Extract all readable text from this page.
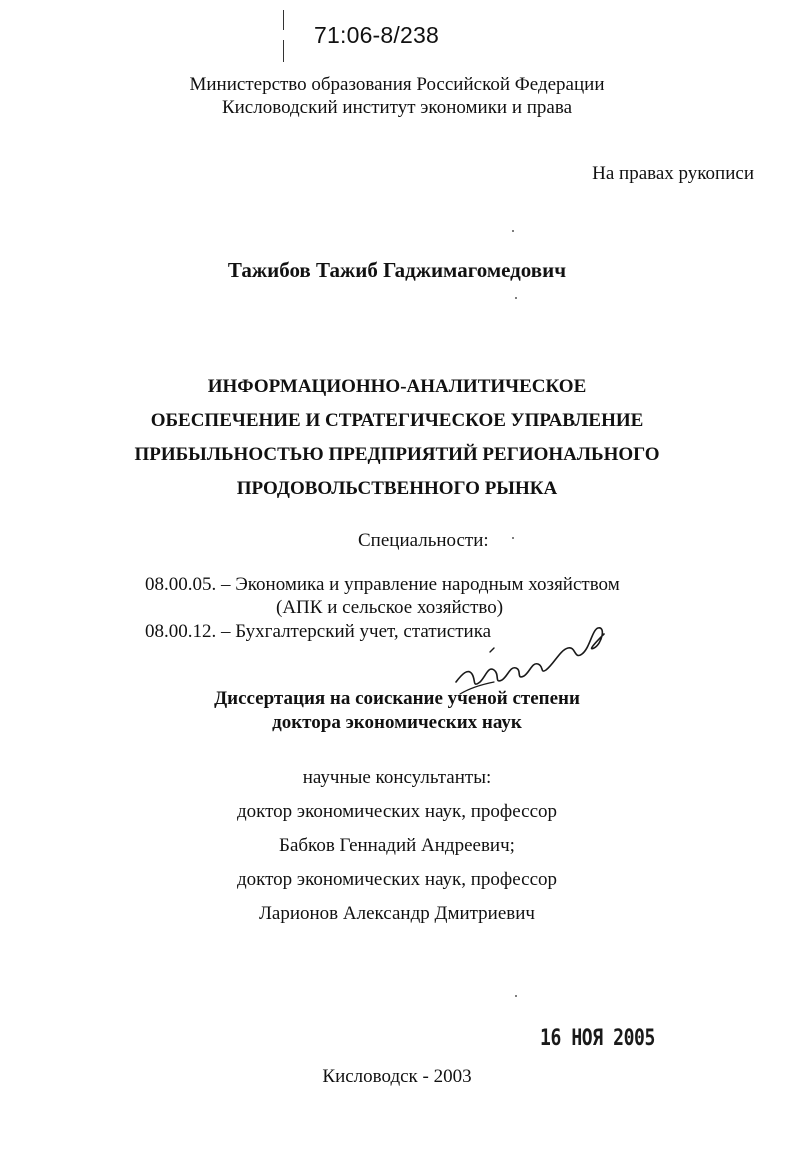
71:06-8/238
Министерство образования Российской Федерации
Кисловодский институт экономики и права
На правах рукописи
Тажибов Тажиб Гаджимагомедович
ИНФОРМАЦИОННО-АНАЛИТИЧЕСКОЕ
ОБЕСПЕЧЕНИЕ И СТРАТЕГИЧЕСКОЕ УПРАВЛЕНИЕ
ПРИБЫЛЬНОСТЬЮ ПРЕДПРИЯТИЙ РЕГИОНАЛЬНОГО
ПРОДОВОЛЬСТВЕННОГО РЫНКА
Специальности:
08.00.05. – Экономика и управление народным хозяйством
(АПК и сельское хозяйство)
08.00.12. – Бухгалтерский учет, статистика
Диссертация на соискание ученой степени
доктора экономических наук
научные консультанты:
доктор экономических наук, профессор
Бабков Геннадий Андреевич;
доктор экономических наук, профессор
Ларионов Александр Дмитриевич
16 НОЯ 2005
Кисловодск - 2003
